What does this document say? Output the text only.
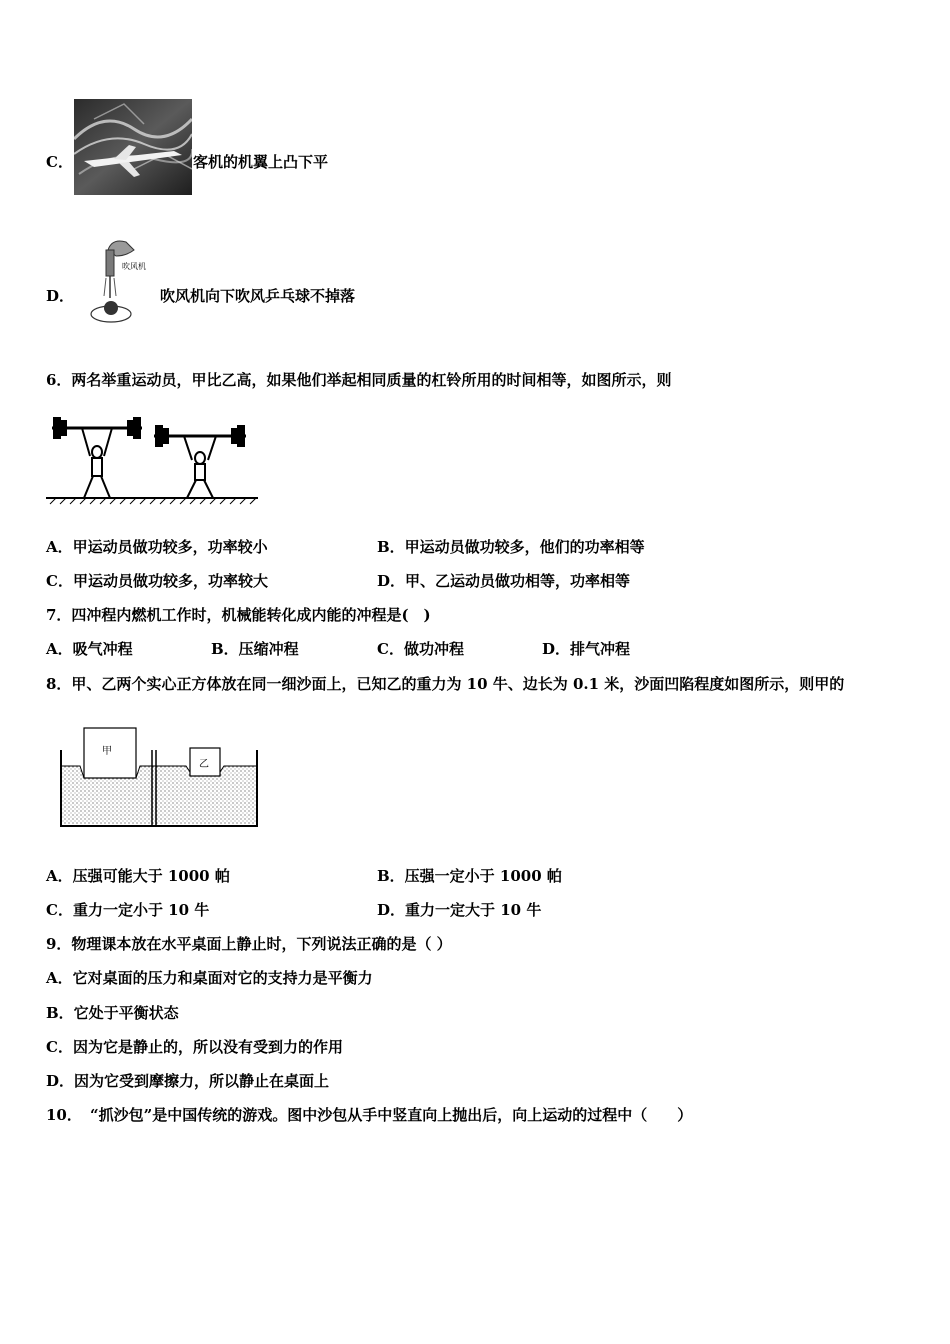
C．	客机的机翼上凸下平
D．
吹风机
吹风机向下吹风乒乓球不掉落
6．两名举重运动员，甲比乙高，如果他们举起相同质量的杠铃所用的时间相等，如图所示，则
A．甲运动员做功较多，功率较小	B．甲运动员做功较多，他们的功率相等
C．甲运动员做功较多，功率较大	D．甲、乙运动员做功相等，功率相等
7．四冲程内燃机工作时，机械能转化成内能的冲程是(　)
A．吸气冲程	B．压缩冲程	C．做功冲程	D．排气冲程
8．甲、乙两个实心正方体放在同一细沙面上，已知乙的重力为 10 牛、边长为 0.1 米，沙面凹陷程度如图所示，则甲的
甲
乙
A．压强可能大于 1000 帕	B．压强一定小于 1000 帕
C．重力一定小于 10 牛	D．重力一定大于 10 牛
9．物理课本放在水平桌面上静止时，下列说法正确的是（ ）
A．它对桌面的压力和桌面对它的支持力是平衡力
B．它处于平衡状态
C．因为它是静止的，所以没有受到力的作用
D．因为它受到摩擦力，所以静止在桌面上
10． “抓沙包”是中国传统的游戏。图中沙包从手中竖直向上抛出后，向上运动的过程中（　　）
